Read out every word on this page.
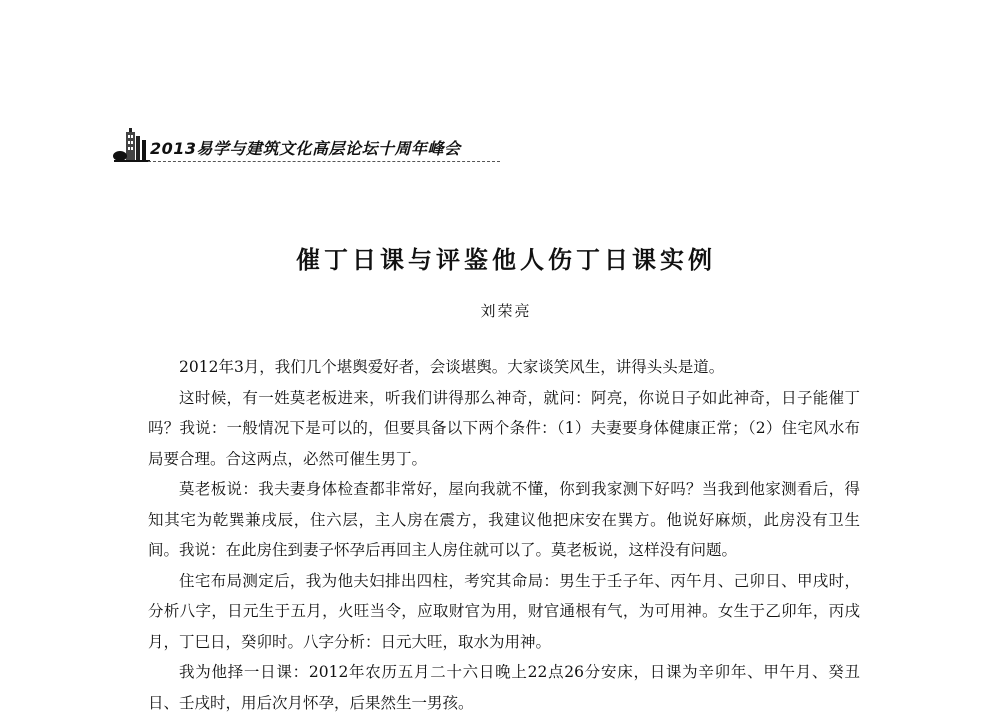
2013易学与建筑文化高层论坛十周年峰会
催丁日课与评鉴他人伤丁日课实例
刘荣亮

2012年3月，我们几个堪舆爱好者，会谈堪舆。大家谈笑风生，讲得头头是道。

这时候，有一姓莫老板进来，听我们讲得那么神奇，就问：阿亮，你说日子如此神奇，日子能催丁吗？我说：一般情况下是可以的，但要具备以下两个条件：（1）夫妻要身体健康正常；（2）住宅风水布局要合理。合这两点，必然可催生男丁。

莫老板说：我夫妻身体检查都非常好，屋向我就不懂，你到我家测下好吗？当我到他家测看后，得知其宅为乾巽兼戌辰，住六层，主人房在震方，我建议他把床安在巽方。他说好麻烦，此房没有卫生间。我说：在此房住到妻子怀孕后再回主人房住就可以了。莫老板说，这样没有问题。

住宅布局测定后，我为他夫妇排出四柱，考究其命局：男生于壬子年、丙午月、己卯日、甲戌时，分析八字，日元生于五月，火旺当令，应取财官为用，财官通根有气，为可用神。女生于乙卯年，丙戌月，丁巳日，癸卯时。八字分析：日元大旺，取水为用神。

我为他择一日课：2012年农历五月二十六日晚上22点26分安床，日课为辛卯年、甲午月、癸丑日、壬戌时，用后次月怀孕，后果然生一男孩。
